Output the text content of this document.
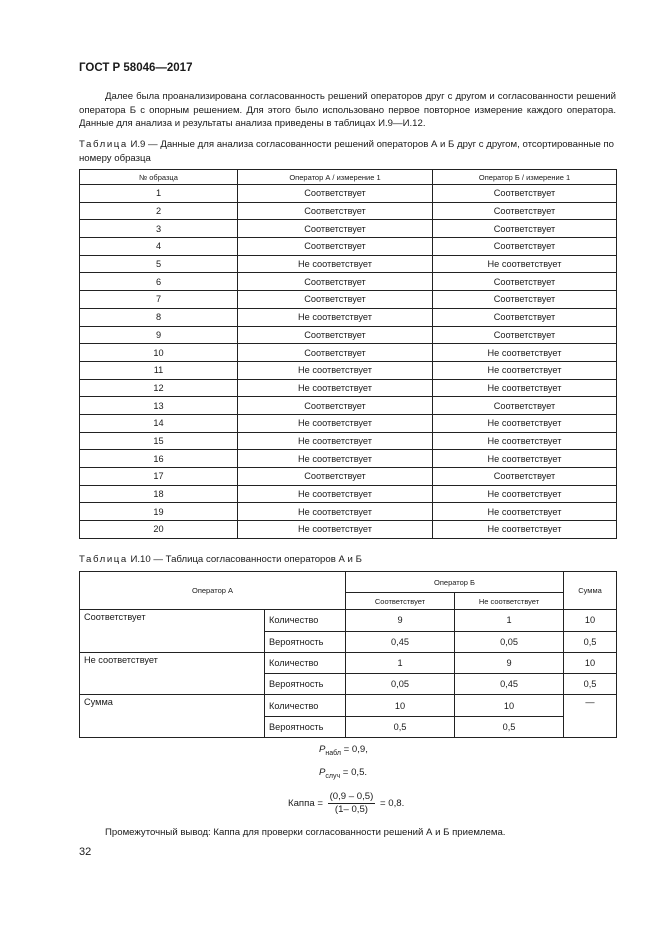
ГОСТ Р 58046—2017

Далее была проанализирована согласованность решений операторов друг с другом и согласованности решений оператора Б с опорным решением. Для этого было использовано первое повторное измерение каждого оператора. Данные для анализа и результаты анализа приведены в таблицах И.9—И.12.

Таблица И.9 — Данные для анализа согласованности решений операторов А и Б друг с другом, отсортированные по номеру образца

№ образца	Оператор А / измерение 1	Оператор Б / измерение 1
1	Соответствует	Соответствует
2	Соответствует	Соответствует
3	Соответствует	Соответствует
4	Соответствует	Соответствует
5	Не соответствует	Не соответствует
6	Соответствует	Соответствует
7	Соответствует	Соответствует
8	Не соответствует	Соответствует
9	Соответствует	Соответствует
10	Соответствует	Не соответствует
11	Не соответствует	Не соответствует
12	Не соответствует	Не соответствует
13	Соответствует	Соответствует
14	Не соответствует	Не соответствует
15	Не соответствует	Не соответствует
16	Не соответствует	Не соответствует
17	Соответствует	Соответствует
18	Не соответствует	Не соответствует
19	Не соответствует	Не соответствует
20	Не соответствует	Не соответствует

Таблица И.10 — Таблица согласованности операторов А и Б

Оператор А		Оператор Б		Сумма
		Соответствует	Не соответствует	
Соответствует	Количество	9	1	10
	Вероятность	0,45	0,05	0,5
Не соответствует	Количество	1	9	10
	Вероятность	0,05	0,45	0,5
Сумма	Количество	10	10	—
	Вероятность	0,5	0,5	
$P_{набл} = 0,9$,
$P_{случ} = 0,5$.
Каппа = $\frac{(0,9 - 0,5)}{(1- 0,5)} = 0,8$.
Промежуточный вывод: Каппа для проверки согласованности решений А и Б приемлема.
32
